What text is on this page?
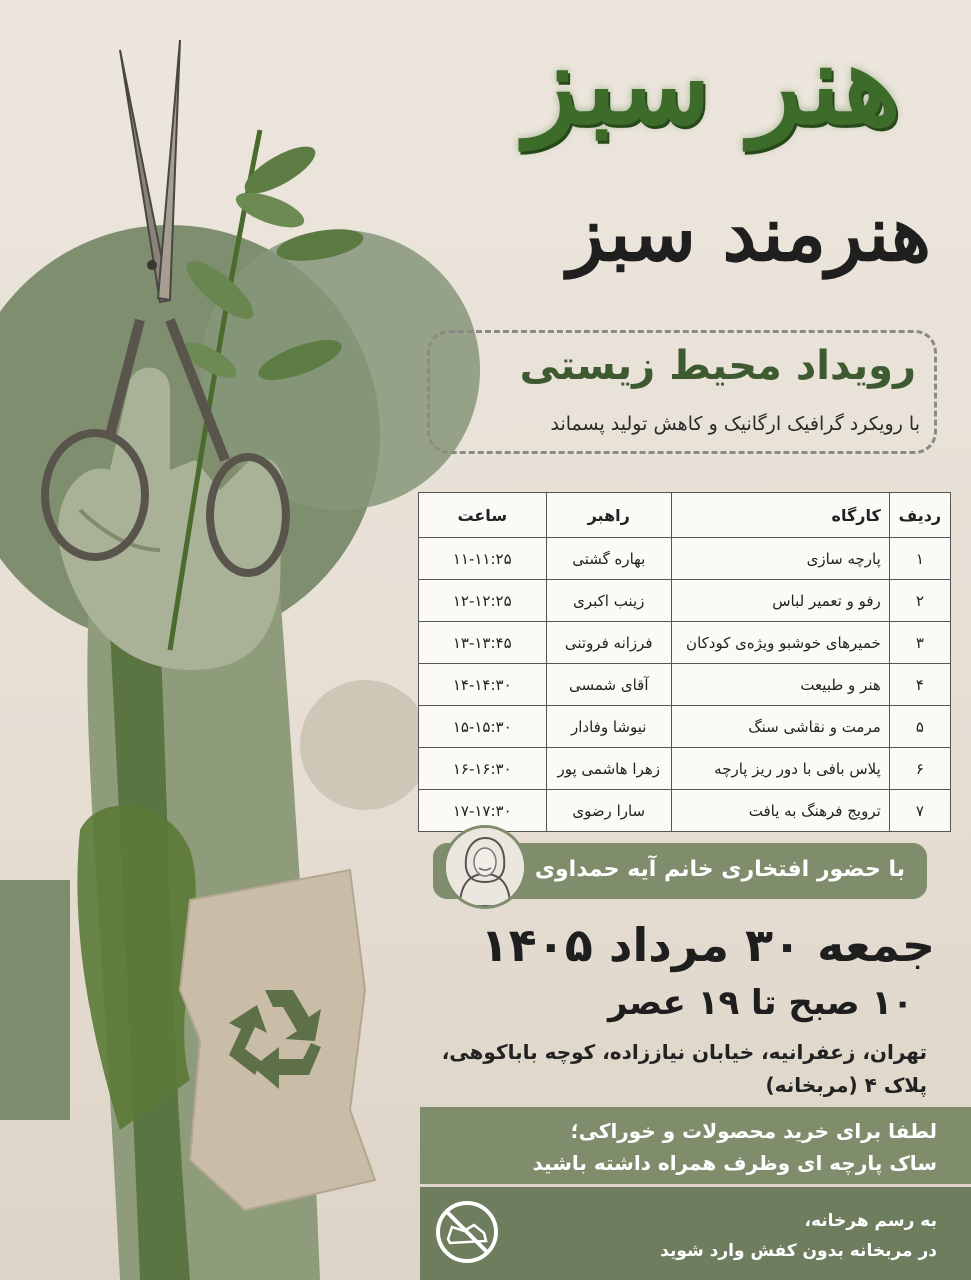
هنر سبز
هنرمند سبز
رویداد محیط زیستی
با رویکرد گرافیک ارگانیک و کاهش تولید پسماند
ردیف	کارگاه	راهبر	ساعت
۱	پارچه سازی	بهاره گشتی	۱۱-۱۱:۲۵
۲	رفو و تعمیر لباس	زینب اکبری	۱۲-۱۲:۲۵
۳	خمیرهای خوشبو ویژه‌ی کودکان	فرزانه فروتنی	۱۳-۱۳:۴۵
۴	هنر و طبیعت	آقای شمسی	۱۴-۱۴:۳۰
۵	مرمت و نقاشی سنگ	نیوشا وفادار	۱۵-۱۵:۳۰
۶	پلاس بافی با دور ریز پارچه	زهرا هاشمی پور	۱۶-۱۶:۳۰
۷	ترویج فرهنگ به یافت	سارا رضوی	۱۷-۱۷:۳۰
با حضور افتخاری خانم آیه حمداوی
جمعه ۳۰ مرداد ۱۴۰۵
۱۰ صبح تا ۱۹ عصر
تهران، زعفرانیه، خیابان نیاززاده، کوچه باباکوهی،
پلاک ۴ (مربخانه)
لطفا برای خرید محصولات و خوراکی؛
ساک پارچه ای وظرف همراه داشته باشید
به رسم هرخانه،
در مربخانه بدون کفش وارد شوید
